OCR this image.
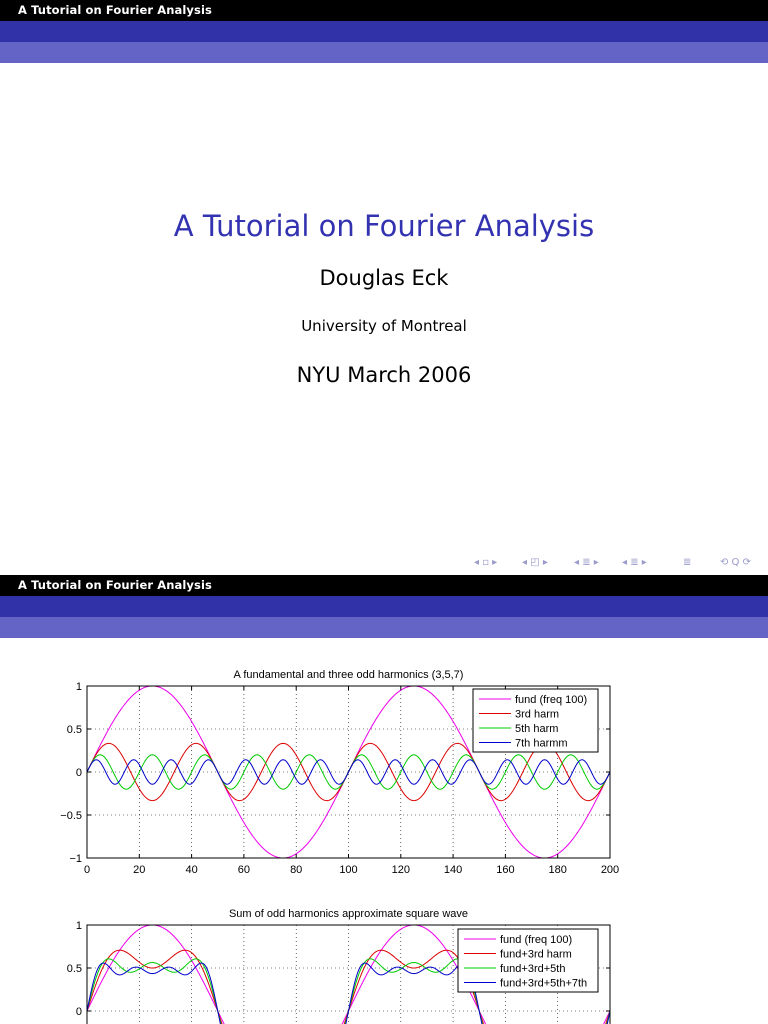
A Tutorial on Fourier Analysis
A Tutorial on Fourier Analysis
Douglas Eck
University of Montreal
NYU March 2006
◂ ▫ ▸ ◂ ◰ ▸	◂ ≣ ▸ ◂ ≣ ▸	≣	⟲ Q ⟳
A Tutorial on Fourier Analysis
A fundamental and three odd harmonics (3,5,7)
1
0.5
0
−0.5
−1
0	20	40	60	80	100	120	140	160	180	200
fund (freq 100)
3rd harm
5th harm
7th harmm
Sum of odd harmonics approximate square wave
1
0.5
0
fund (freq 100)
fund+3rd harm
fund+3rd+5th
fund+3rd+5th+7th
